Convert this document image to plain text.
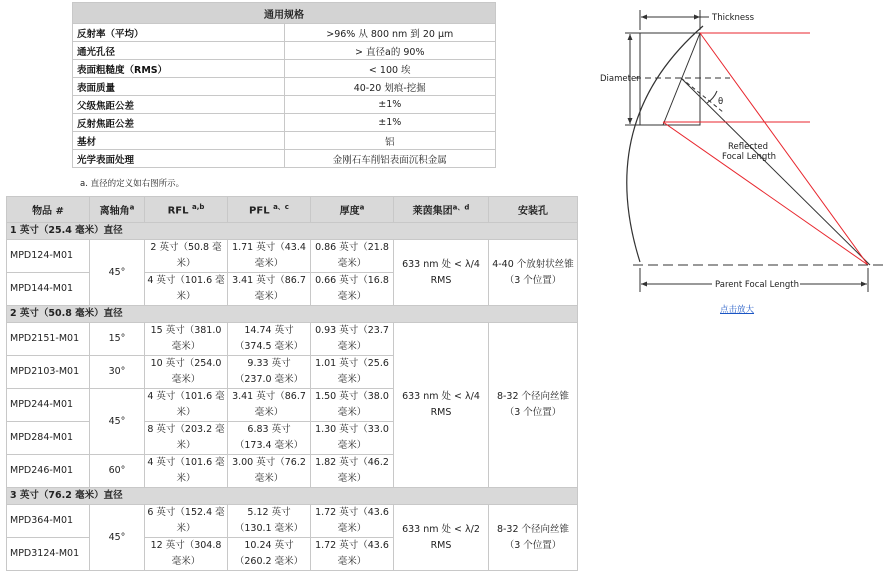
通用规格	
反射率（平均）	>96% 从 800 nm 到 20 μm
通光孔径	> 直径a的 90%
表面粗糙度（RMS）	< 100 埃
表面质量	40-20 划痕-挖掘
父级焦距公差	±1%
反射焦距公差	±1%
基材	铝
光学表面处理	金刚石车削铝表面沉积金属
a. 直径的定义如右图所示。
物品 #	离轴角$^a$	RFL $^{a,b}$	PFL $^{a、c}$	厚度$^a$	莱茵集团$^{a、d}$	安装孔
1 英寸（25.4 毫米）直径						
MPD124-M01	45°	2 英寸（50.8 毫米）	1.71 英寸（43.4 毫米）	0.86 英寸（21.8 毫米）	633 nm 处 < λ/4 RMS	4-40 个放射状丝锥（3 个位置）
MPD144-M01		4 英寸（101.6 毫米）	3.41 英寸（86.7 毫米）	0.66 英寸（16.8 毫米）		
2 英寸（50.8 毫米）直径						
MPD2151-M01	15°	15 英寸（381.0 毫米）	14.74 英寸（374.5 毫米）	0.93 英寸（23.7 毫米）	633 nm 处 < λ/4 RMS	8-32 个径向丝锥（3 个位置）
MPD2103-M01	30°	10 英寸（254.0 毫米）	9.33 英寸（237.0 毫米）	1.01 英寸（25.6 毫米）		
MPD244-M01	45°	4 英寸（101.6 毫米）	3.41 英寸（86.7 毫米）	1.50 英寸（38.0 毫米）		
MPD284-M01		8 英寸（203.2 毫米）	6.83 英寸（173.4 毫米）	1.30 英寸（33.0 毫米）		
MPD246-M01	60°	4 英寸（101.6 毫米）	3.00 英寸（76.2 毫米）	1.82 英寸（46.2 毫米）		
3 英寸（76.2 毫米）直径						
MPD364-M01	45°	6 英寸（152.4 毫米）	5.12 英寸（130.1 毫米）	1.72 英寸（43.6 毫米）	633 nm 处 < λ/2 RMS	8-32 个径向丝锥（3 个位置）
MPD3124-M01		12 英寸（304.8 毫米）	10.24 英寸（260.2 毫米）	1.72 英寸（43.6 毫米）		
Thickness
Diameter
θ
Reflected
Focal Length
Parent Focal Length
点击放大
